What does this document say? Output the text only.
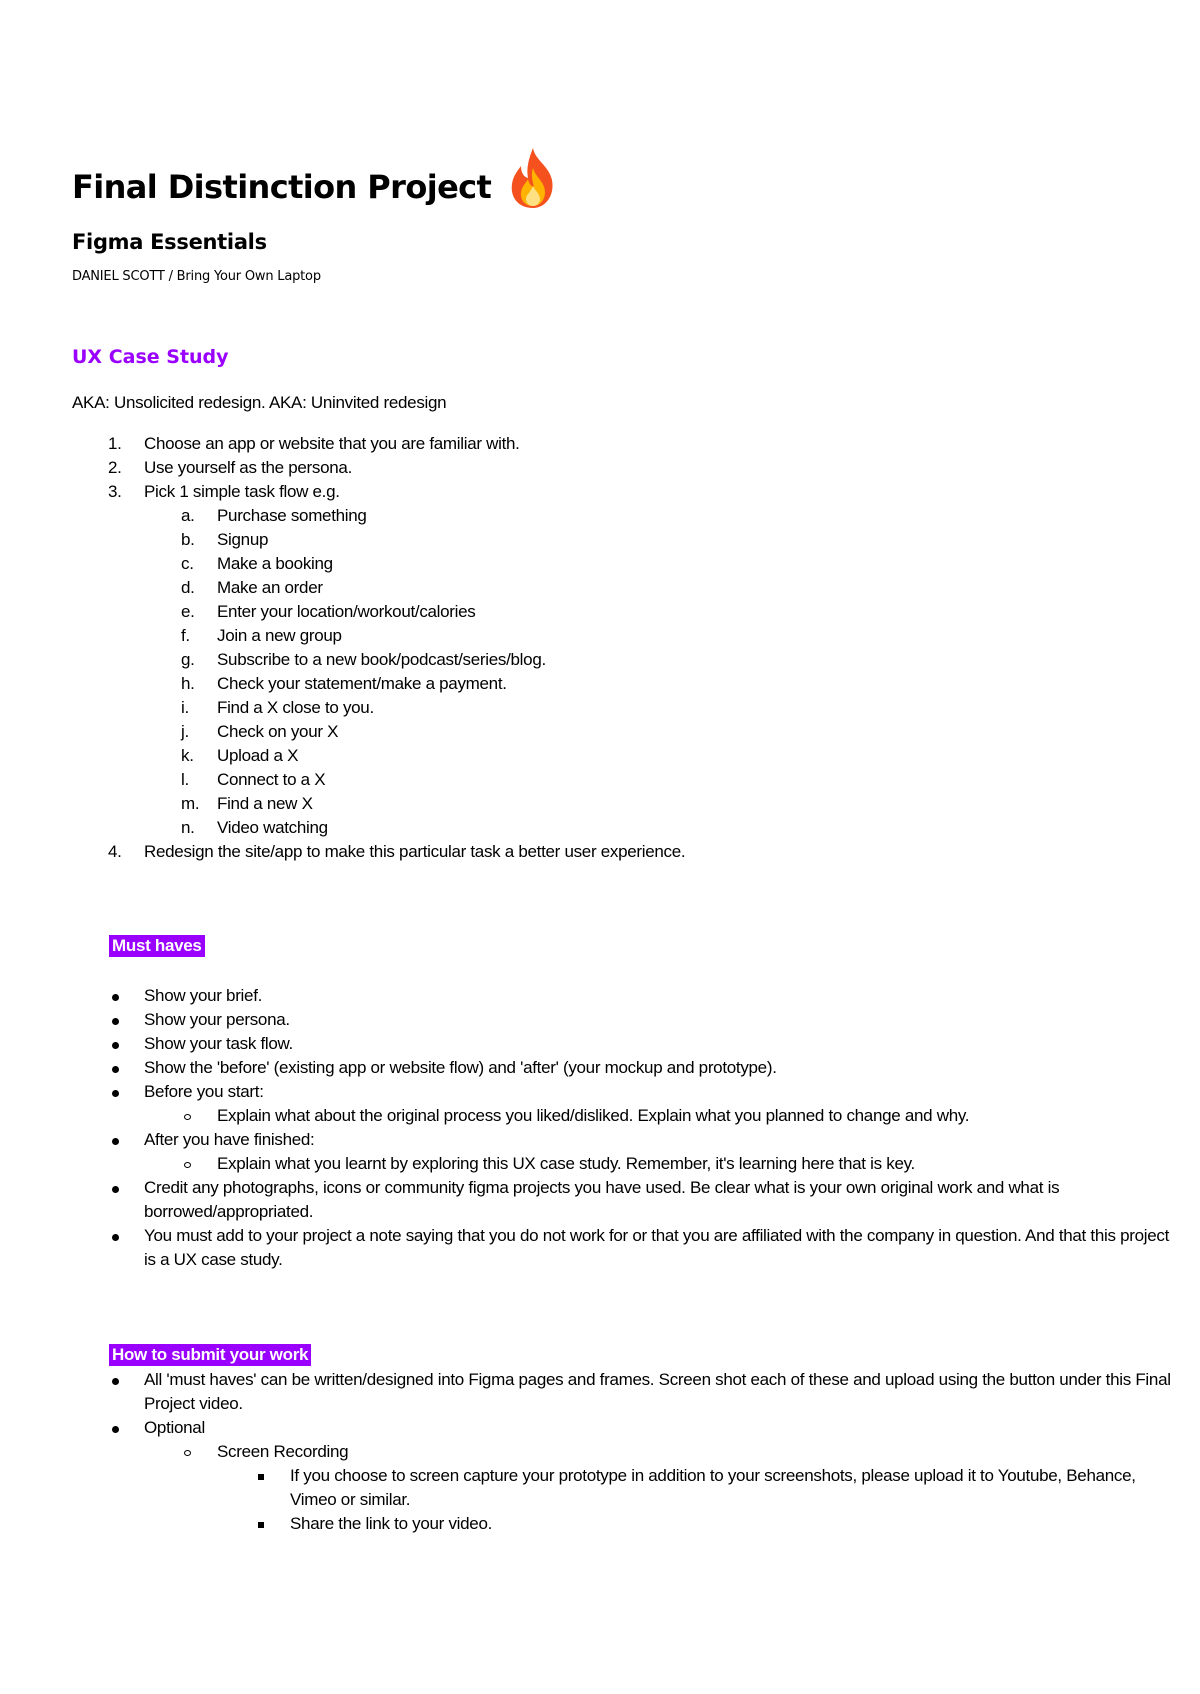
Final Distinction Project
Figma Essentials

DANIEL SCOTT / Bring Your Own Laptop

UX Case Study

AKA: Unsolicited redesign. AKA: Uninvited redesign

1.	Choose an app or website that you are familiar with.
2.	Use yourself as the persona.
3.	Pick 1 simple task flow e.g.
a.	Purchase something
b.	Signup
c.	Make a booking
d.	Make an order
e.	Enter your location/workout/calories
f.	Join a new group
g.	Subscribe to a new book/podcast/series/blog.
h.	Check your statement/make a payment.
i.	Find a X close to you.
j.	Check on your X
k.	Upload a X
l.	Connect to a X
m.	Find a new X
n.	Video watching
4.	Redesign the site/app to make this particular task a better user experience.

Must haves

Show your brief.
Show your persona.
Show your task flow.
Show the 'before' (existing app or website flow) and 'after' (your mockup and prototype).
Before you start:
Explain what about the original process you liked/disliked. Explain what you planned to change and why.
After you have finished:
Explain what you learnt by exploring this UX case study. Remember, it's learning here that is key.
Credit any photographs, icons or community figma projects you have used. Be clear what is your own original work and what is borrowed/appropriated.
You must add to your project a note saying that you do not work for or that you are affiliated with the company in question. And that this project is a UX case study.

How to submit your work

All 'must haves' can be written/designed into Figma pages and frames. Screen shot each of these and upload using the button under this Final Project video.
Optional
Screen Recording
If you choose to screen capture your prototype in addition to your screenshots, please upload it to Youtube, Behance, Vimeo or similar.
Share the link to your video.
